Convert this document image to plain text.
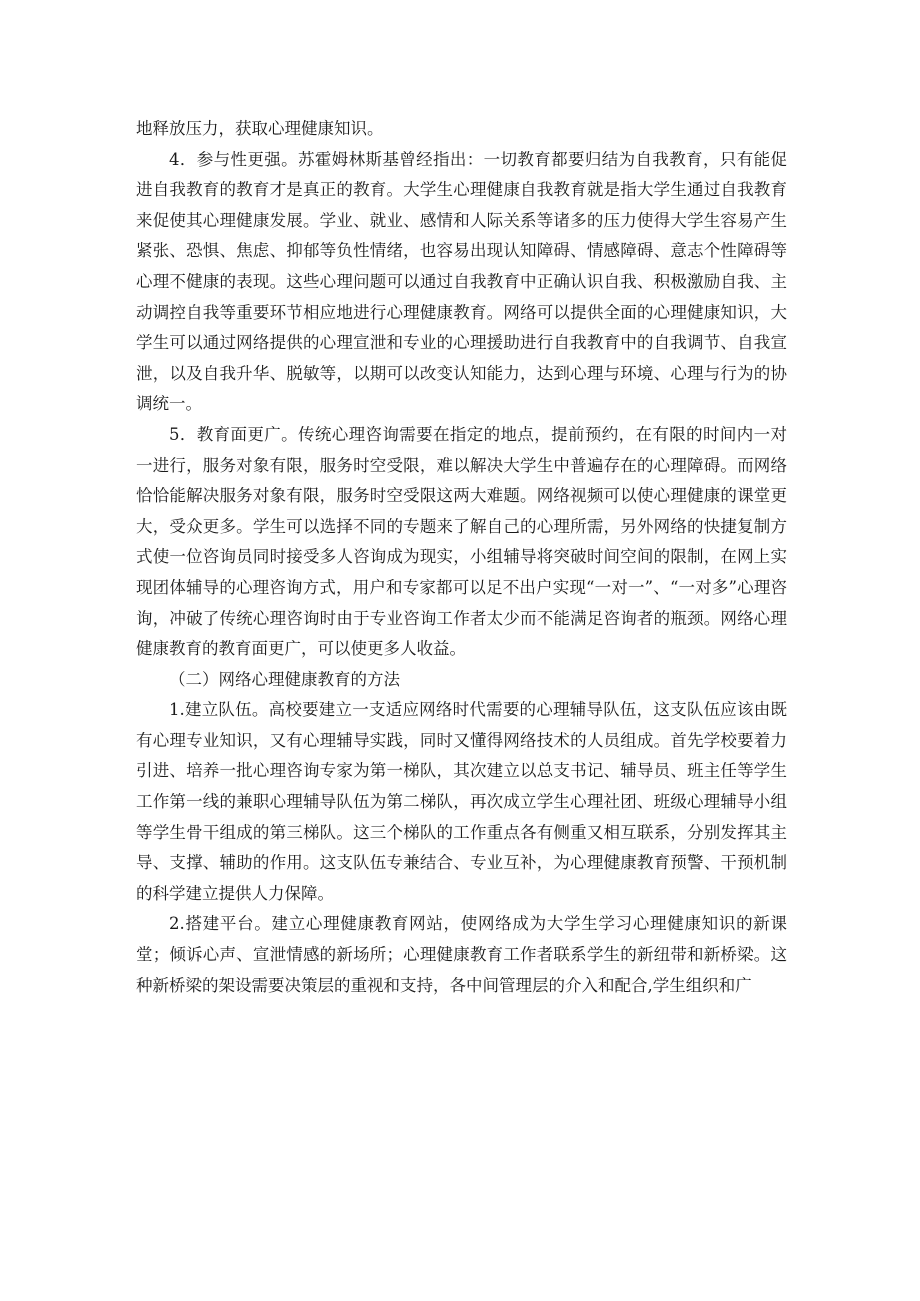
地释放压力，获取心理健康知识。

4．参与性更强。苏霍姆林斯基曾经指出：一切教育都要归结为自我教育，只有能促进自我教育的教育才是真正的教育。大学生心理健康自我教育就是指大学生通过自我教育来促使其心理健康发展。学业、就业、感情和人际关系等诸多的压力使得大学生容易产生紧张、恐惧、焦虑、抑郁等负性情绪，也容易出现认知障碍、情感障碍、意志个性障碍等心理不健康的表现。这些心理问题可以通过自我教育中正确认识自我、积极激励自我、主动调控自我等重要环节相应地进行心理健康教育。网络可以提供全面的心理健康知识，大学生可以通过网络提供的心理宣泄和专业的心理援助进行自我教育中的自我调节、自我宣泄，以及自我升华、脱敏等，以期可以改变认知能力，达到心理与环境、心理与行为的协调统一。

5．教育面更广。传统心理咨询需要在指定的地点，提前预约，在有限的时间内一对一进行，服务对象有限，服务时空受限，难以解决大学生中普遍存在的心理障碍。而网络恰恰能解决服务对象有限，服务时空受限这两大难题。网络视频可以使心理健康的课堂更大，受众更多。学生可以选择不同的专题来了解自己的心理所需，另外网络的快捷复制方式使一位咨询员同时接受多人咨询成为现实，小组辅导将突破时间空间的限制，在网上实现团体辅导的心理咨询方式，用户和专家都可以足不出户实现“一对一”、“一对多”心理咨询，冲破了传统心理咨询时由于专业咨询工作者太少而不能满足咨询者的瓶颈。网络心理健康教育的教育面更广，可以使更多人收益。

（二）网络心理健康教育的方法

1.建立队伍。高校要建立一支适应网络时代需要的心理辅导队伍，这支队伍应该由既有心理专业知识，又有心理辅导实践，同时又懂得网络技术的人员组成。首先学校要着力引进、培养一批心理咨询专家为第一梯队，其次建立以总支书记、辅导员、班主任等学生工作第一线的兼职心理辅导队伍为第二梯队，再次成立学生心理社团、班级心理辅导小组等学生骨干组成的第三梯队。这三个梯队的工作重点各有侧重又相互联系，分别发挥其主导、支撑、辅助的作用。这支队伍专兼结合、专业互补，为心理健康教育预警、干预机制的科学建立提供人力保障。

2.搭建平台。建立心理健康教育网站，使网络成为大学生学习心理健康知识的新课堂；倾诉心声、宣泄情感的新场所；心理健康教育工作者联系学生的新纽带和新桥梁。这种新桥梁的架设需要决策层的重视和支持，各中间管理层的介入和配合,学生组织和广
